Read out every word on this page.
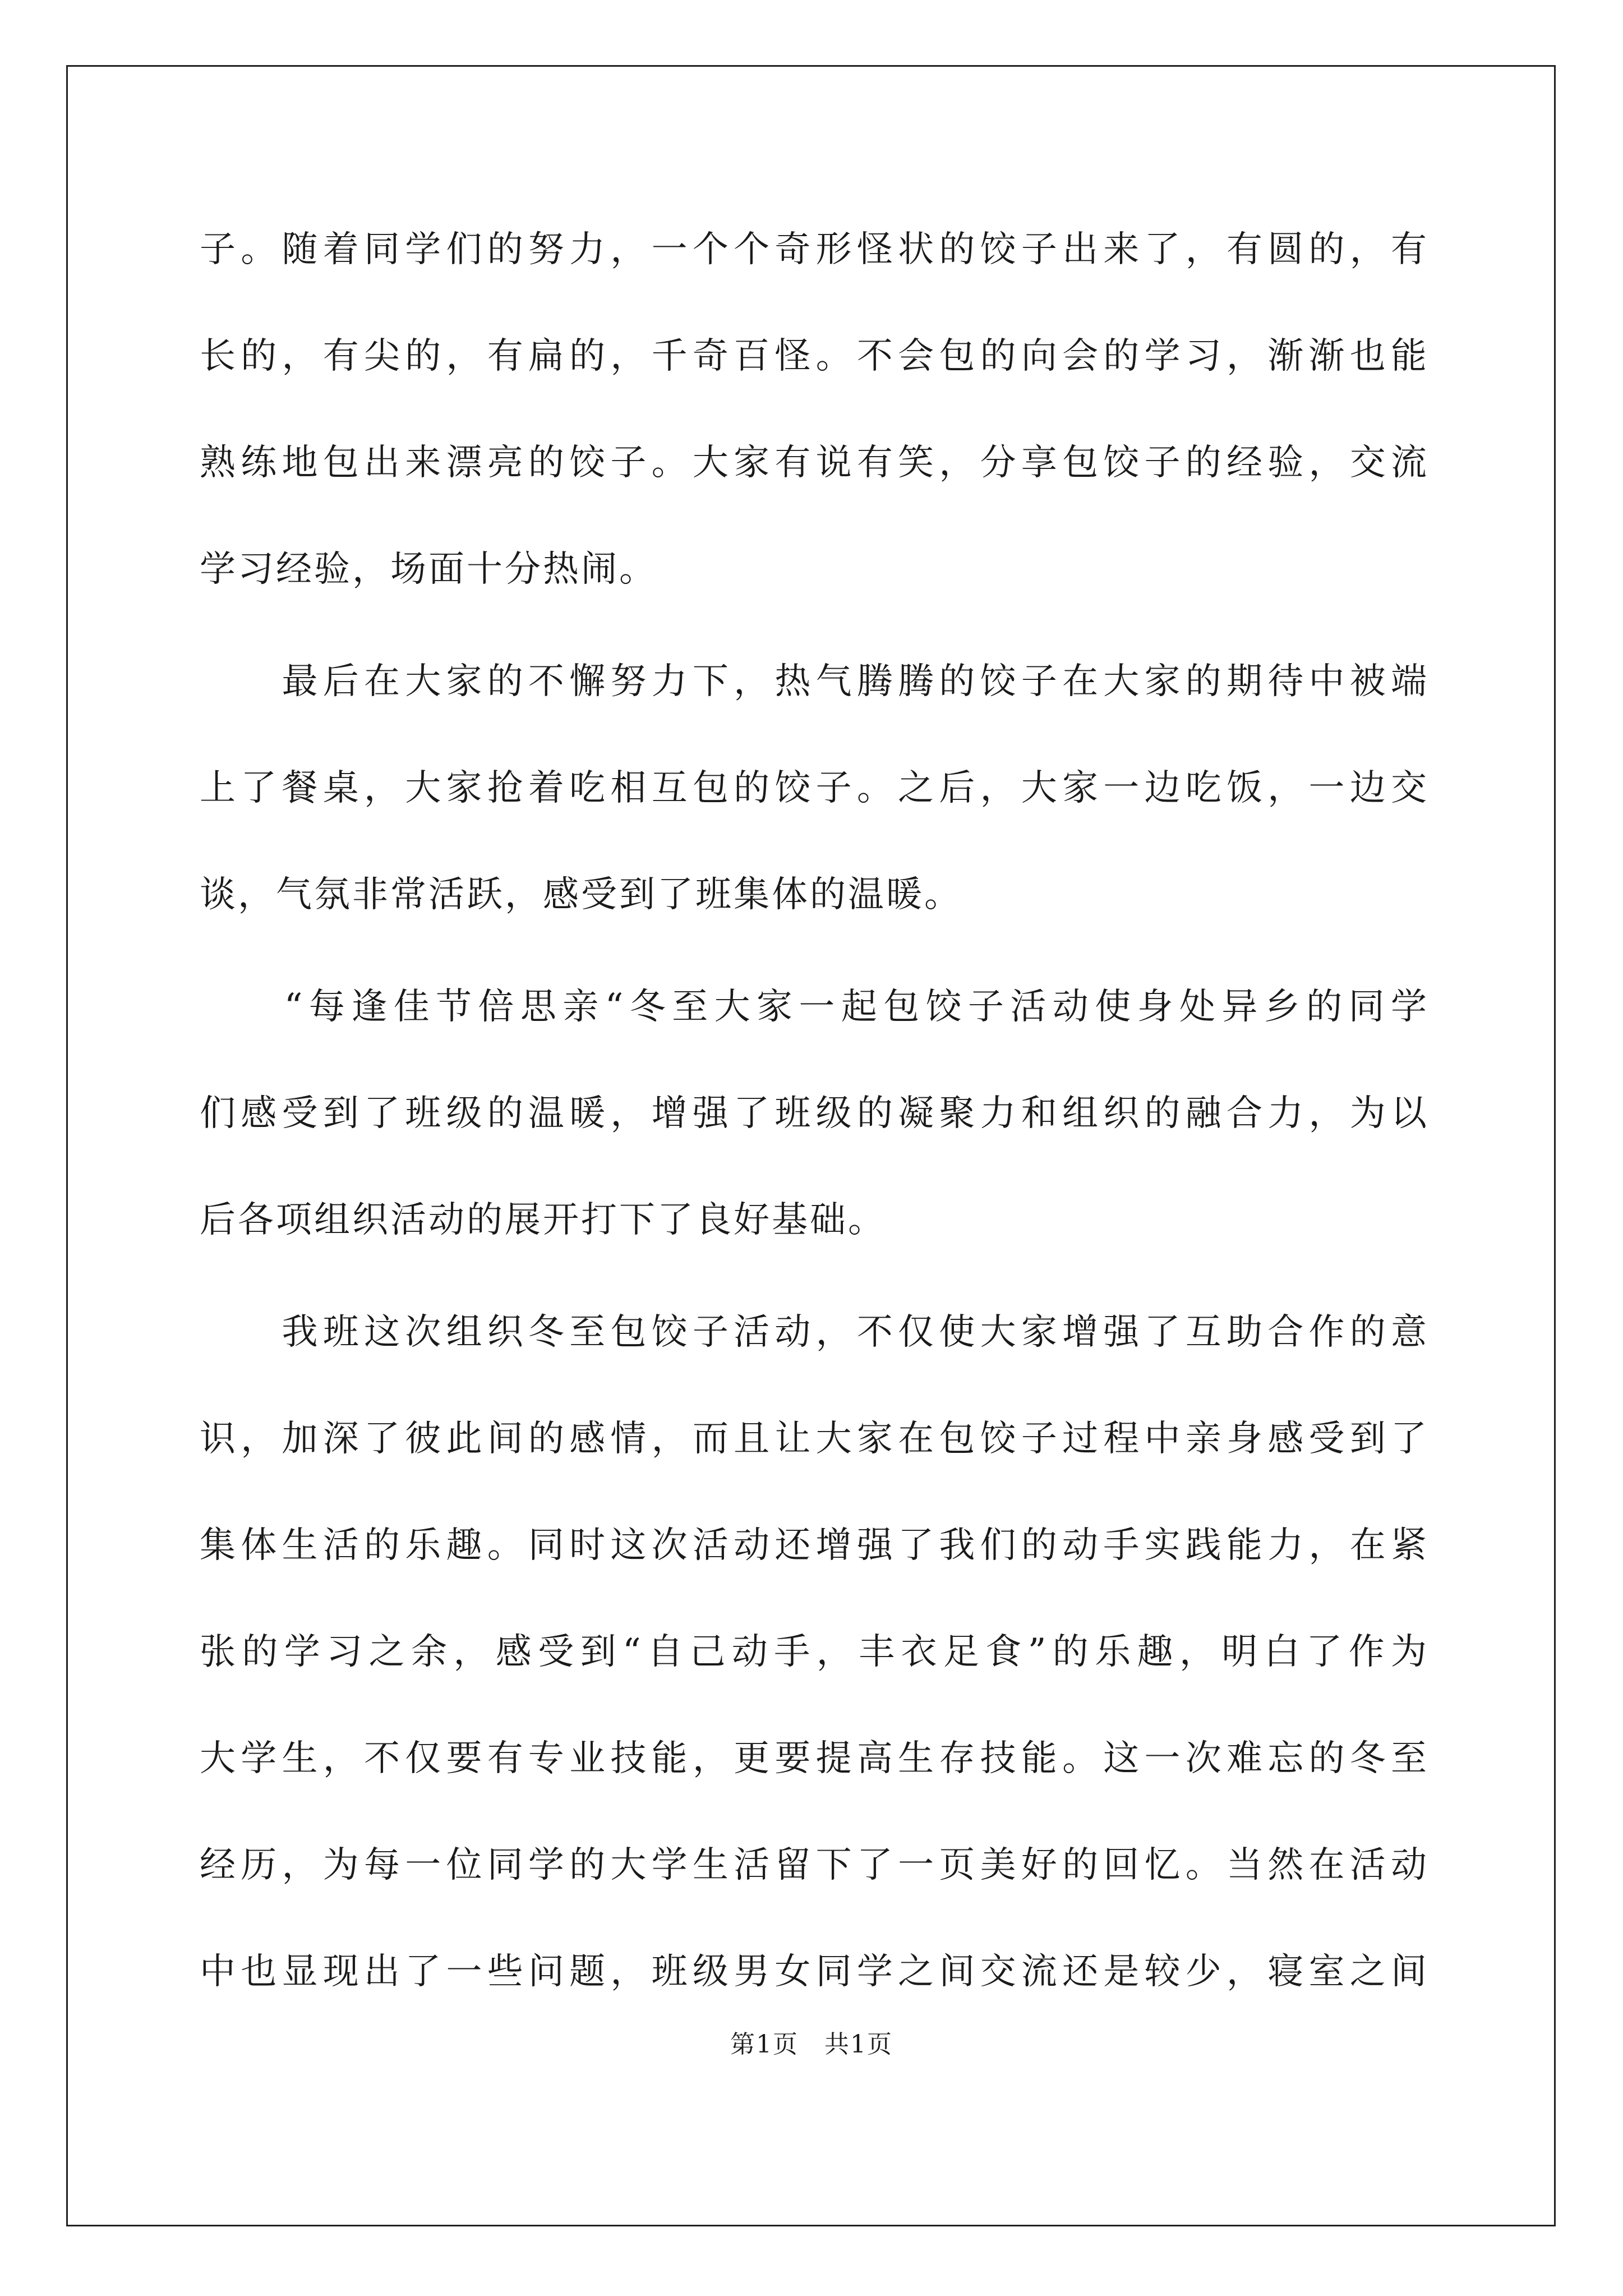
子。随着同学们的努力，一个个奇形怪状的饺子出来了，有圆的，有
长的，有尖的，有扁的，千奇百怪。不会包的向会的学习，渐渐也能
熟练地包出来漂亮的饺子。大家有说有笑，分享包饺子的经验，交流
学习经验，场面十分热闹。
　　最后在大家的不懈努力下，热气腾腾的饺子在大家的期待中被端
上了餐桌，大家抢着吃相互包的饺子。之后，大家一边吃饭，一边交
谈，气氛非常活跃，感受到了班集体的温暖。
　　“每逢佳节倍思亲“冬至大家一起包饺子活动使身处异乡的同学
们感受到了班级的温暖，增强了班级的凝聚力和组织的融合力，为以
后各项组织活动的展开打下了良好基础。
　　我班这次组织冬至包饺子活动，不仅使大家增强了互助合作的意
识，加深了彼此间的感情，而且让大家在包饺子过程中亲身感受到了
集体生活的乐趣。同时这次活动还增强了我们的动手实践能力，在紧
张的学习之余，感受到“自己动手，丰衣足食”的乐趣，明白了作为
大学生，不仅要有专业技能，更要提高生存技能。这一次难忘的冬至
经历，为每一位同学的大学生活留下了一页美好的回忆。当然在活动
中也显现出了一些问题，班级男女同学之间交流还是较少，寝室之间
第1页　共1页
